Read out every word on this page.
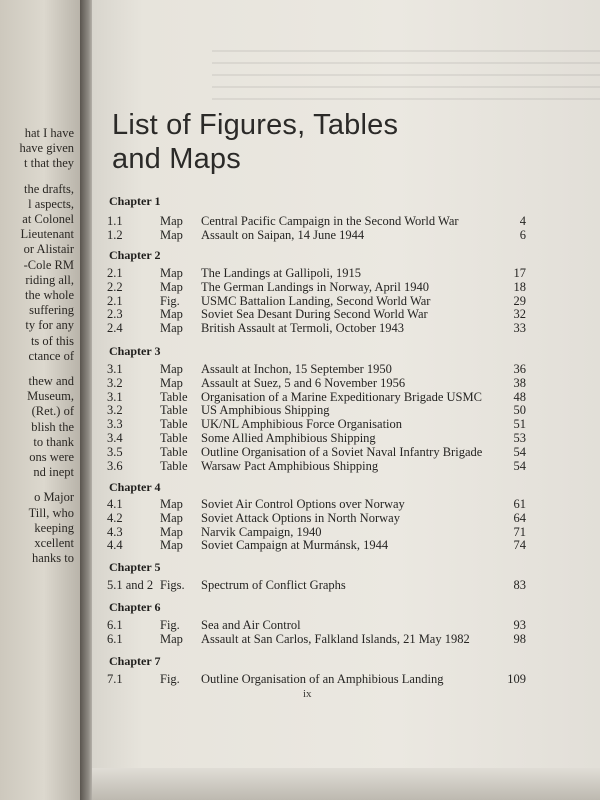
hat I have
have given
t that they
the drafts,
l aspects,
at Colonel
Lieutenant
or Alistair
-Cole RM
riding all,
the whole
suffering
ty for any
ts of this
ctance of
thew and
Museum,
(Ret.) of
blish the
to thank
ons were
nd inept
o Major
Till, who
keeping
xcellent
hanks to
List of Figures, Tables
and Maps
Chapter 1
1.1	Map Central Pacific Campaign in the Second World War	4
1.2	Map Assault on Saipan, 14 June 1944	6
Chapter 2
2.1	Map The Landings at Gallipoli, 1915	17
2.2	Map The German Landings in Norway, April 1940	18
2.1	Fig. USMC Battalion Landing, Second World War	29
2.3	Map Soviet Sea Desant During Second World War	32
2.4	Map British Assault at Termoli, October 1943	33
Chapter 3
3.1	Map Assault at Inchon, 15 September 1950	36
3.2	Map Assault at Suez, 5 and 6 November 1956	38
3.1	Table Organisation of a Marine Expeditionary Brigade USMC	48
3.2	Table US Amphibious Shipping	50
3.3	Table UK/NL Amphibious Force Organisation	51
3.4	Table Some Allied Amphibious Shipping	53
3.5	Table Outline Organisation of a Soviet Naval Infantry Brigade 54
3.6	Table Warsaw Pact Amphibious Shipping	54
Chapter 4
4.1	Map Soviet Air Control Options over Norway	61
4.2	Map Soviet Attack Options in North Norway	64
4.3	Map Narvik Campaign, 1940	71
4.4	Map Soviet Campaign at Murmánsk, 1944	74
Chapter 5
5.1 and 2 Figs. Spectrum of Conflict Graphs	83
Chapter 6
6.1	Fig. Sea and Air Control	93
6.1	Map Assault at San Carlos, Falkland Islands, 21 May 1982	98
Chapter 7
7.1	Fig. Outline Organisation of an Amphibious Landing	109
ix
